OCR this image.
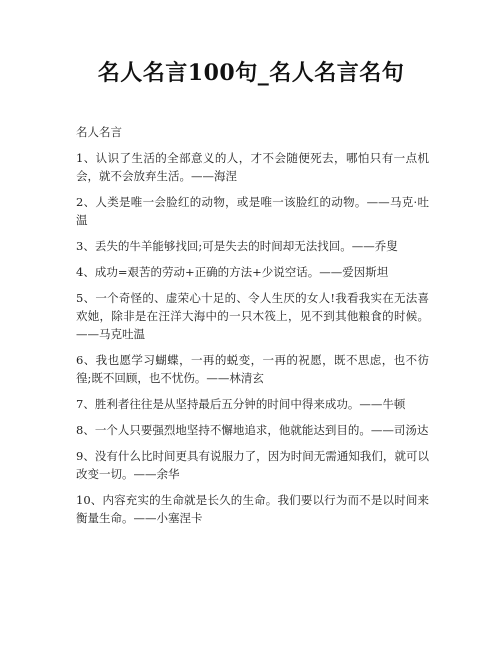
名人名言100句_名人名言名句

名人名言

1、认识了生活的全部意义的人，才不会随便死去，哪怕只有一点机会，就不会放弃生活。——海涅

2、人类是唯一会脸红的动物，或是唯一该脸红的动物。——马克·吐温

3、丢失的牛羊能够找回;可是失去的时间却无法找回。——乔叟

4、成功=艰苦的劳动+正确的方法+少说空话。——爱因斯坦

5、一个奇怪的、虚荣心十足的、令人生厌的女人!我看我实在无法喜欢她，除非是在汪洋大海中的一只木筏上，见不到其他粮食的时候。——马克吐温

6、我也愿学习蝴蝶，一再的蜕变，一再的祝愿，既不思虑，也不彷徨;既不回顾，也不忧伤。——林清玄

7、胜利者往往是从坚持最后五分钟的时间中得来成功。——牛顿

8、一个人只要强烈地坚持不懈地追求，他就能达到目的。——司汤达

9、没有什么比时间更具有说服力了，因为时间无需通知我们，就可以改变一切。——余华

10、内容充实的生命就是长久的生命。我们要以行为而不是以时间来衡量生命。——小塞涅卡
